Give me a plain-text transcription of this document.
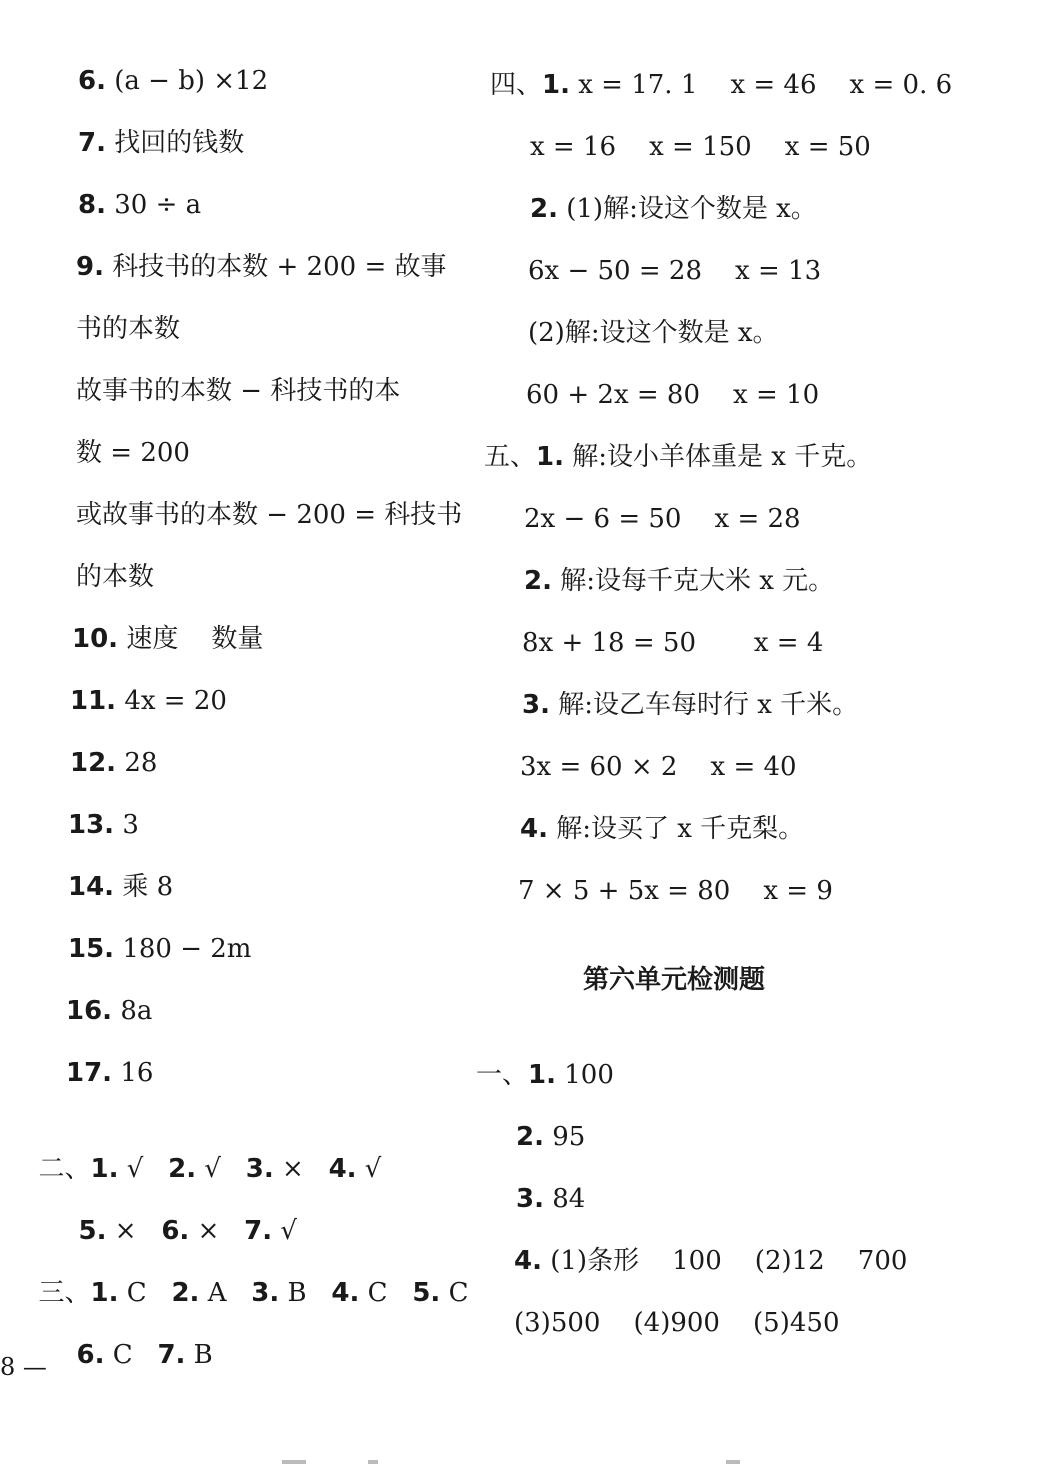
6. (a − b) ×12
7. 找回的钱数
8. 30 ÷ a
9. 科技书的本数 + 200 = 故事
书的本数
故事书的本数 − 科技书的本
数 = 200
或故事书的本数 − 200 = 科技书
的本数
10. 速度    数量
11. 4x = 20
12. 28
13. 3
14. 乘 8
15. 180 − 2m
16. 8a
17. 16

二、1. √   2. √   3. ×   4. √

5. ×   6. ×   7. √

三、1. C   2. A   3. B   4. C   5. C

6. C   7. B

8 —
四、1. x = 17. 1    x = 46    x = 0. 6
x = 16    x = 150    x = 50
2. (1)解:设这个数是 x。
6x − 50 = 28    x = 13
(2)解:设这个数是 x。
60 + 2x = 80    x = 10
五、1. 解:设小羊体重是 x 千克。
2x − 6 = 50    x = 28
2. 解:设每千克大米 x 元。
8x + 18 = 50       x = 4
3. 解:设乙车每时行 x 千米。
3x = 60 × 2    x = 40
4. 解:设买了 x 千克梨。
7 × 5 + 5x = 80    x = 9
第六单元检测题
一、1. 100
2. 95
3. 84
4. (1)条形    100    (2)12    700
(3)500    (4)900    (5)450
